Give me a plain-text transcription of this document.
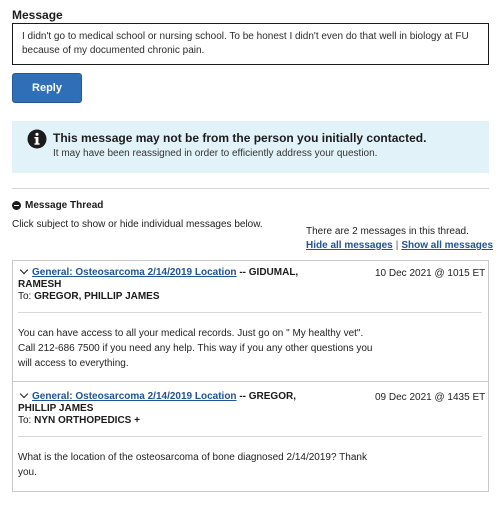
Message
I didn't go to medical school or nursing school. To be honest I didn't even do that well in biology at FU because of my documented chronic pain.
Reply
This message may not be from the person you initially contacted.
It may have been reassigned in order to efficiently address your question.
Message Thread
Click subject to show or hide individual messages below.
There are 2 messages in this thread.
Hide all messages | Show all messages
General: Osteosarcoma 2/14/2019 Location -- GIDUMAL,
RAMESH
To: GREGOR, PHILLIP JAMES
10 Dec 2021 @ 1015 ET
You can have access to all your medical records. Just go on " My healthy vet". Call 212-686 7500 if you need any help. This way if you any other questions you will access to everything.
General: Osteosarcoma 2/14/2019 Location -- GREGOR,
PHILLIP JAMES
To: NYN ORTHOPEDICS +
09 Dec 2021 @ 1435 ET
What is the location of the osteosarcoma of bone diagnosed 2/14/2019? Thank you.
